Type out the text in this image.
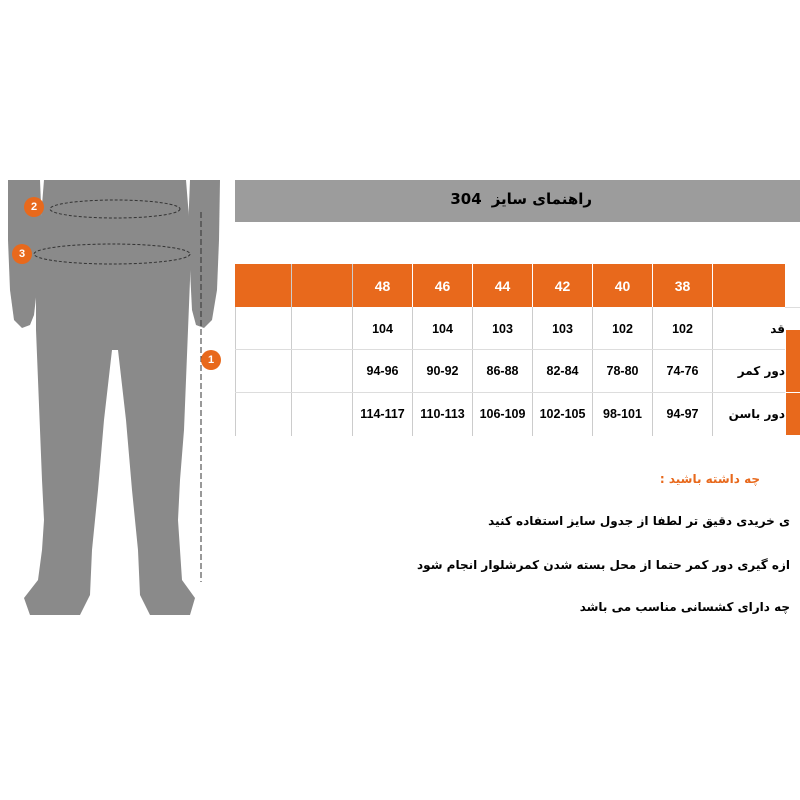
2
3
1
راهنمای سایز304
48	46	44	42	40	38
104	104	103	103	102	102	قد
94-96	90-92	86-88	82-84	78-80	74-76	دور کمر
114-117	110-113	106-109	102-105	98-101	94-97	دور باسن
چه داشته باشید :
ی خریدی دقیق تر لطفا از جدول سایز استفاده کنید
ازه گیری دور کمر حتما از محل بسته شدن کمرشلوار انجام شود
چه دارای کشسانی مناسب می باشد
